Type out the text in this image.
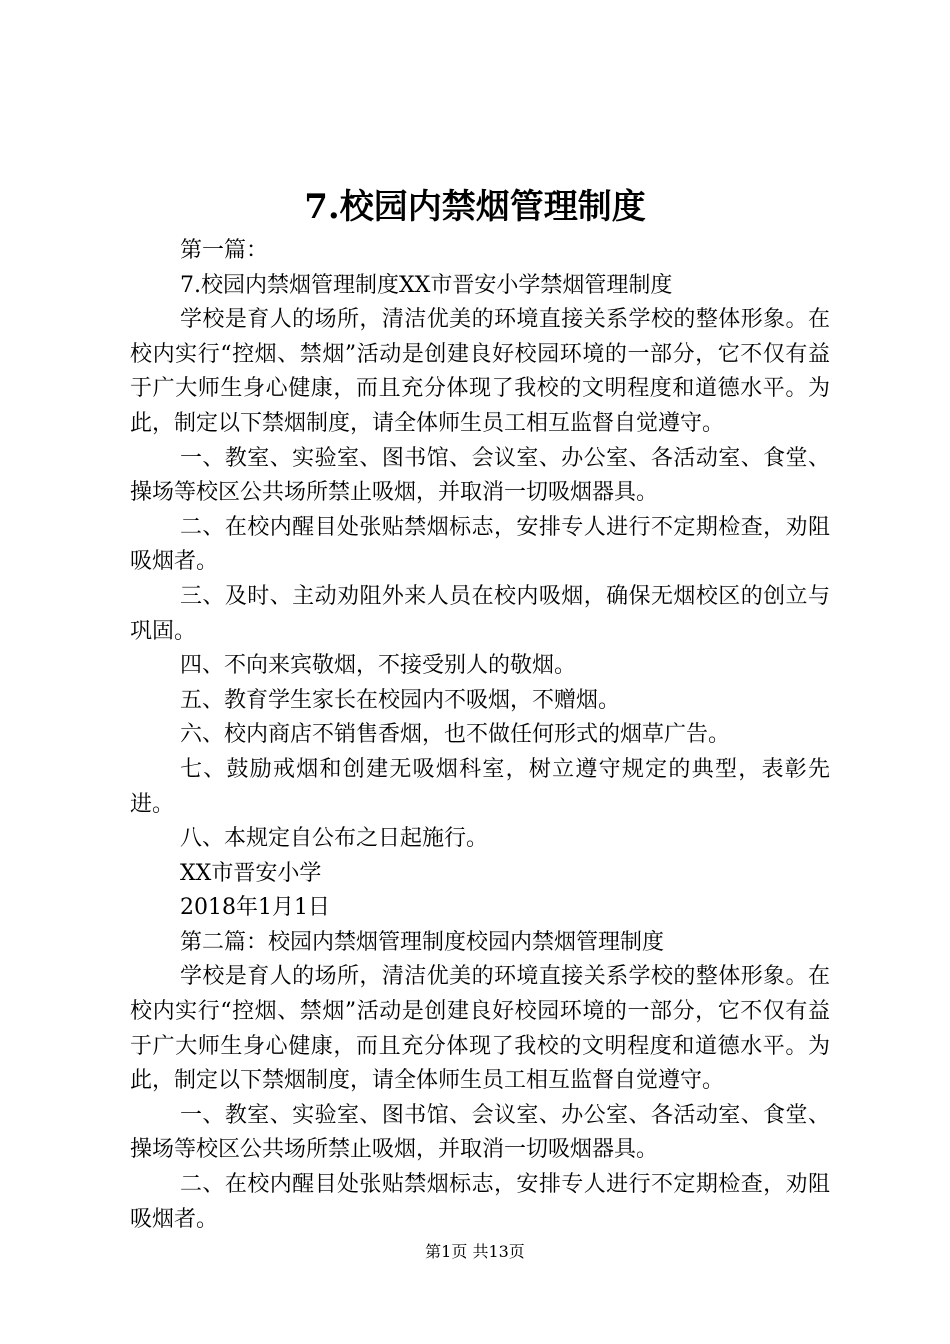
7.校园内禁烟管理制度

第一篇：

7.校园内禁烟管理制度XX市晋安小学禁烟管理制度

学校是育人的场所，清洁优美的环境直接关系学校的整体形象。在校内实行“控烟、禁烟”活动是创建良好校园环境的一部分，它不仅有益于广大师生身心健康，而且充分体现了我校的文明程度和道德水平。为此，制定以下禁烟制度，请全体师生员工相互监督自觉遵守。

一、教室、实验室、图书馆、会议室、办公室、各活动室、食堂、操场等校区公共场所禁止吸烟，并取消一切吸烟器具。

二、在校内醒目处张贴禁烟标志，安排专人进行不定期检查，劝阻吸烟者。

三、及时、主动劝阻外来人员在校内吸烟，确保无烟校区的创立与巩固。

四、不向来宾敬烟，不接受别人的敬烟。

五、教育学生家长在校园内不吸烟，不赠烟。

六、校内商店不销售香烟，也不做任何形式的烟草广告。

七、鼓励戒烟和创建无吸烟科室，树立遵守规定的典型，表彰先进。

八、本规定自公布之日起施行。

XX市晋安小学

2018年1月1日

第二篇：校园内禁烟管理制度校园内禁烟管理制度

学校是育人的场所，清洁优美的环境直接关系学校的整体形象。在校内实行“控烟、禁烟”活动是创建良好校园环境的一部分，它不仅有益于广大师生身心健康，而且充分体现了我校的文明程度和道德水平。为此，制定以下禁烟制度，请全体师生员工相互监督自觉遵守。

一、教室、实验室、图书馆、会议室、办公室、各活动室、食堂、操场等校区公共场所禁止吸烟，并取消一切吸烟器具。

二、在校内醒目处张贴禁烟标志，安排专人进行不定期检查，劝阻吸烟者。

第1页 共13页
